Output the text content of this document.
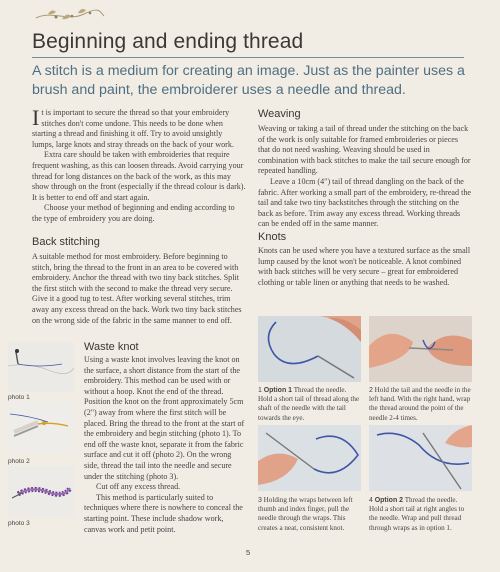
Beginning and ending thread
A stitch is a medium for creating an image. Just as the painter uses a brush and paint, the embroiderer uses a needle and thread.

It is important to secure the thread so that your embroidery stitches don't come undone. This needs to be done when starting a thread and finishing it off. Try to avoid unsightly lumps, large knots and stray threads on the back of your work.

Extra care should be taken with embroideries that require frequent washing, as this can loosen threads. Avoid carrying your thread for long distances on the back of the work, as this may show through on the front (especially if the thread colour is dark). It is better to end off and start again.

Choose your method of beginning and ending according to the type of embroidery you are doing.

Back stitching
A suitable method for most embroidery. Before beginning to stitch, bring the thread to the front in an area to be covered with embroidery. Anchor the thread with two tiny back stitches. Split the first stitch with the second to make the thread very secure. Give it a good tug to test. After working several stitches, trim away any excess thread on the back. Work two tiny back stitches on the wrong side of the fabric in the same manner to end off.
photo 1
photo 2
photo 3
Waste knot

Using a waste knot involves leaving the knot on the surface, a short distance from the start of the embroidery. This method can be used with or without a hoop. Knot the end of the thread. Position the knot on the front approximately 5cm (2") away from where the first stitch will be placed. Bring the thread to the front at the start of the embroidery and begin stitching (photo 1). To end off the waste knot, separate it from the fabric surface and cut it off (photo 2). On the wrong side, thread the tail into the needle and secure under the stitching (photo 3).

Cut off any excess thread.

This method is particularly suited to techniques where there is nowhere to conceal the starting point. These include shadow work, canvas work and petit point.

Weaving

Weaving or taking a tail of thread under the stitching on the back of the work is only suitable for framed embroideries or pieces that do not need washing. Weaving should be used in combination with back stitches to make the tail secure enough for repeated handling.

Leave a 10cm (4") tail of thread dangling on the back of the fabric. After working a small part of the embroidery, re-thread the tail and take two tiny backstitches through the stitching on the back as before. Trim away any excess thread. Working threads can be ended off in the same manner.

Knots
Knots can be used where you have a textured surface as the small lump caused by the knot won't be noticeable. A knot combined with back stitches will be very secure – great for embroidered clothing or table linen or anything that needs to be washed.
1 Option 1 Thread the needle. Hold a short tail of thread along the shaft of the needle with the tail towards the eye.
2 Hold the tail and the needle in the left hand. With the right hand, wrap the thread around the point of the needle 2-4 times.
3 Holding the wraps between left thumb and index finger, pull the needle through the wraps. This creates a neat, consistent knot.
4 Option 2 Thread the needle. Hold a short tail at right angles to the needle. Wrap and pull thread through wraps as in option 1.
5
